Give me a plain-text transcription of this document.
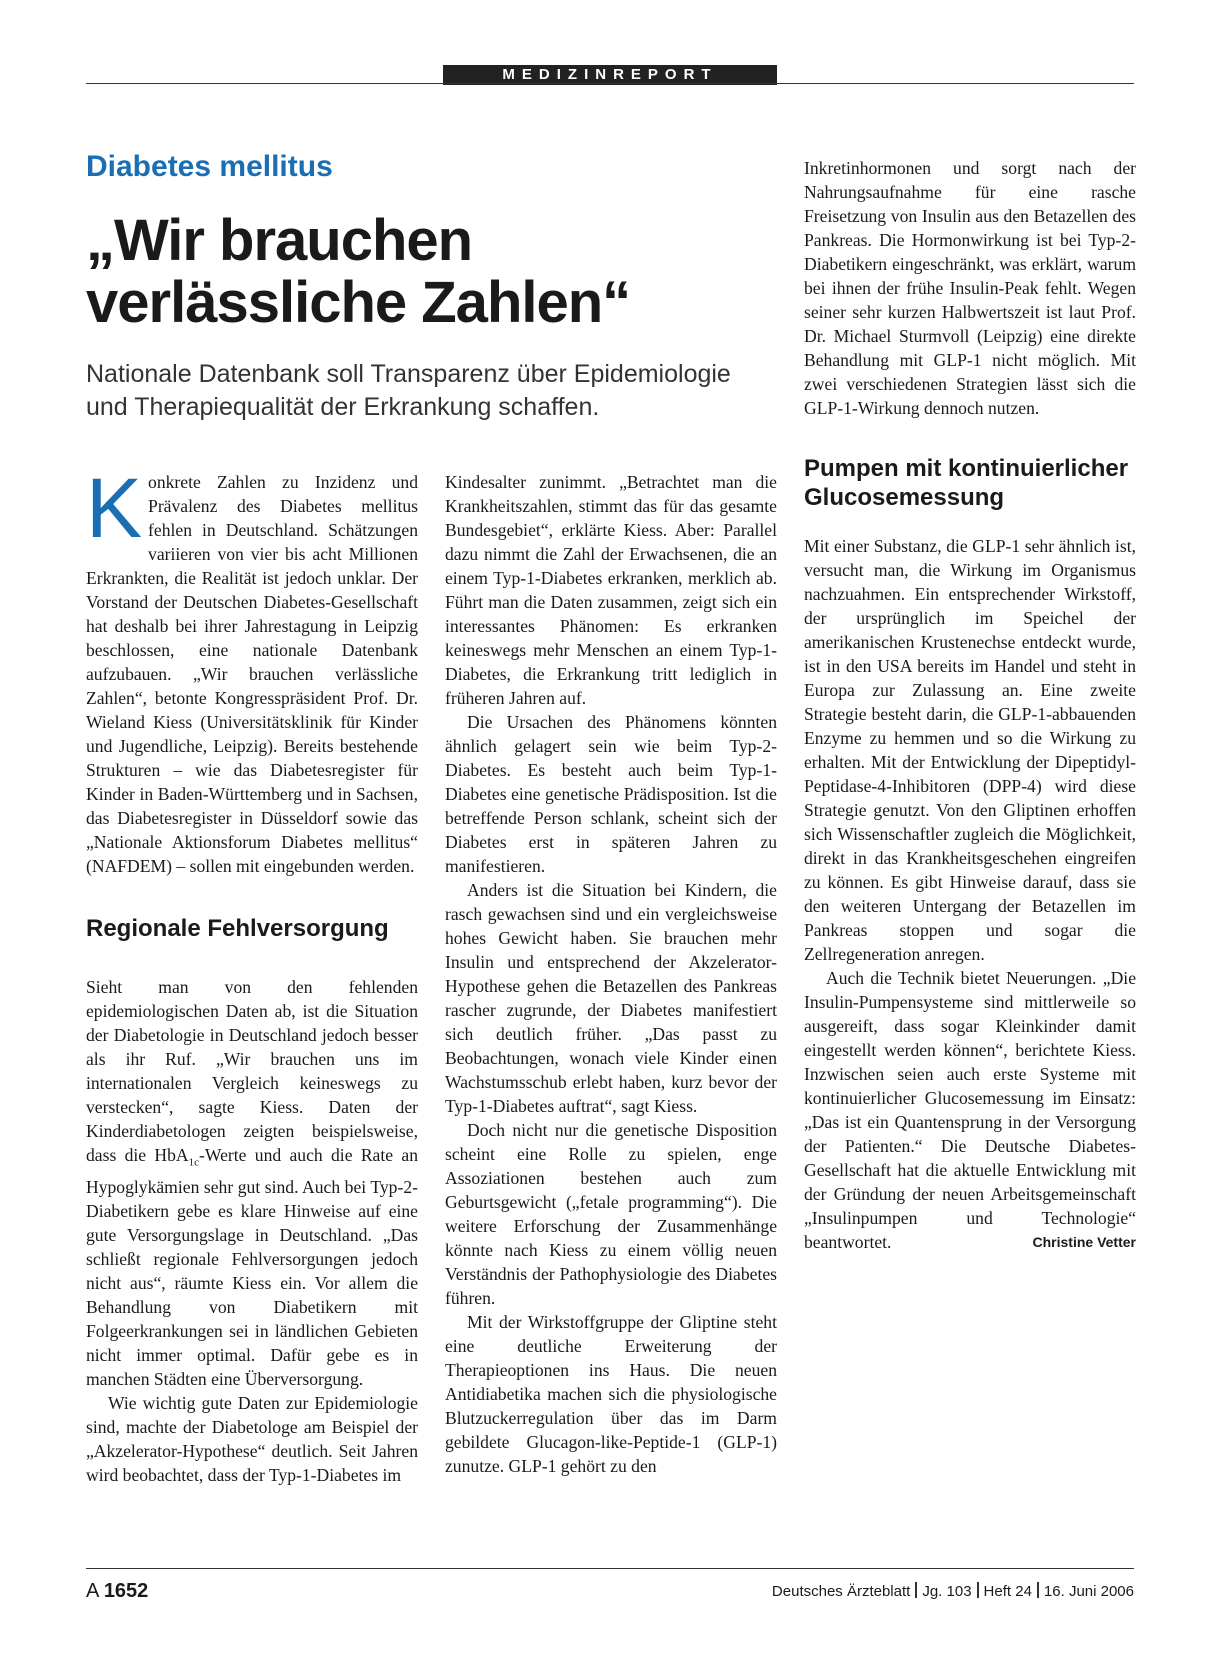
MEDIZINREPORT
Diabetes mellitus
„Wir brauchen verlässliche Zahlen“

Nationale Datenbank soll Transparenz über Epidemiologie und Therapiequalität der Erkrankung schaffen.

Konkrete Zahlen zu Inzidenz und Prävalenz des Diabetes mellitus fehlen in Deutschland. Schätzungen variieren von vier bis acht Millionen Erkrankten, die Realität ist jedoch unklar. Der Vorstand der Deutschen Diabetes-Gesellschaft hat deshalb bei ihrer Jahrestagung in Leipzig beschlossen, eine nationale Datenbank aufzubauen. „Wir brauchen verlässliche Zahlen“, betonte Kongresspräsident Prof. Dr. Wieland Kiess (Universitätsklinik für Kinder und Jugendliche, Leipzig). Bereits bestehende Strukturen – wie das Diabetesregister für Kinder in Baden-Württemberg und in Sachsen, das Diabetesregister in Düsseldorf sowie das „Nationale Aktionsforum Diabetes mellitus“ (NAFDEM) – sollen mit eingebunden werden.

Regionale Fehlversorgung

Sieht man von den fehlenden epidemiologischen Daten ab, ist die Situation der Diabetologie in Deutschland jedoch besser als ihr Ruf. „Wir brauchen uns im internationalen Vergleich keineswegs zu verstecken“, sagte Kiess. Daten der Kinderdiabetologen zeigten beispielsweise, dass die HbA$_{1c}$-Werte und auch die Rate an Hypoglykämien sehr gut sind. Auch bei Typ-2-Diabetikern gebe es klare Hinweise auf eine gute Versorgungslage in Deutschland. „Das schließt regionale Fehlversorgungen jedoch nicht aus“, räumte Kiess ein. Vor allem die Behandlung von Diabetikern mit Folgeerkrankungen sei in ländlichen Gebieten nicht immer optimal. Dafür gebe es in manchen Städten eine Überversorgung.

Wie wichtig gute Daten zur Epidemiologie sind, machte der Diabetologe am Beispiel der „Akzelerator-Hypothese“ deutlich. Seit Jahren wird beobachtet, dass der Typ-1-Diabetes im

Kindesalter zunimmt. „Betrachtet man die Krankheitszahlen, stimmt das für das gesamte Bundesgebiet“, erklärte Kiess. Aber: Parallel dazu nimmt die Zahl der Erwachsenen, die an einem Typ-1-Diabetes erkranken, merklich ab. Führt man die Daten zusammen, zeigt sich ein interessantes Phänomen: Es erkranken keineswegs mehr Menschen an einem Typ-1-Diabetes, die Erkrankung tritt lediglich in früheren Jahren auf.

Die Ursachen des Phänomens könnten ähnlich gelagert sein wie beim Typ-2-Diabetes. Es besteht auch beim Typ-1-Diabetes eine genetische Prädisposition. Ist die betreffende Person schlank, scheint sich der Diabetes erst in späteren Jahren zu manifestieren.

Anders ist die Situation bei Kindern, die rasch gewachsen sind und ein vergleichsweise hohes Gewicht haben. Sie brauchen mehr Insulin und entsprechend der Akzelerator-Hypothese gehen die Betazellen des Pankreas rascher zugrunde, der Diabetes manifestiert sich deutlich früher. „Das passt zu Beobachtungen, wonach viele Kinder einen Wachstumsschub erlebt haben, kurz bevor der Typ-1-Diabetes auftrat“, sagt Kiess.

Doch nicht nur die genetische Disposition scheint eine Rolle zu spielen, enge Assoziationen bestehen auch zum Geburtsgewicht („fetale programming“). Die weitere Erforschung der Zusammenhänge könnte nach Kiess zu einem völlig neuen Verständnis der Pathophysiologie des Diabetes führen.

Mit der Wirkstoffgruppe der Gliptine steht eine deutliche Erweiterung der Therapieoptionen ins Haus. Die neuen Antidiabetika machen sich die physiologische Blutzuckerregulation über das im Darm gebildete Glucagon-like-Peptide-1 (GLP-1) zunutze. GLP-1 gehört zu den

Inkretinhormonen und sorgt nach der Nahrungsaufnahme für eine rasche Freisetzung von Insulin aus den Betazellen des Pankreas. Die Hormonwirkung ist bei Typ-2-Diabetikern eingeschränkt, was erklärt, warum bei ihnen der frühe Insulin-Peak fehlt. Wegen seiner sehr kurzen Halbwertszeit ist laut Prof. Dr. Michael Sturmvoll (Leipzig) eine direkte Behandlung mit GLP-1 nicht möglich. Mit zwei verschiedenen Strategien lässt sich die GLP-1-Wirkung dennoch nutzen.

Pumpen mit kontinuierlicher Glucosemessung

Mit einer Substanz, die GLP-1 sehr ähnlich ist, versucht man, die Wirkung im Organismus nachzuahmen. Ein entsprechender Wirkstoff, der ursprünglich im Speichel der amerikanischen Krustenechse entdeckt wurde, ist in den USA bereits im Handel und steht in Europa zur Zulassung an. Eine zweite Strategie besteht darin, die GLP-1-abbauenden Enzyme zu hemmen und so die Wirkung zu erhalten. Mit der Entwicklung der Dipeptidyl-Peptidase-4-Inhibitoren (DPP-4) wird diese Strategie genutzt. Von den Gliptinen erhoffen sich Wissenschaftler zugleich die Möglichkeit, direkt in das Krankheitsgeschehen eingreifen zu können. Es gibt Hinweise darauf, dass sie den weiteren Untergang der Betazellen im Pankreas stoppen und sogar die Zellregeneration anregen.

Auch die Technik bietet Neuerungen. „Die Insulin-Pumpensysteme sind mittlerweile so ausgereift, dass sogar Kleinkinder damit eingestellt werden können“, berichtete Kiess. Inzwischen seien auch erste Systeme mit kontinuierlicher Glucosemessung im Einsatz: „Das ist ein Quantensprung in der Versorgung der Patienten.“ Die Deutsche Diabetes-Gesellschaft hat die aktuelle Entwicklung mit der Gründung der neuen Arbeitsgemeinschaft „Insulinpumpen und Technologie“ beantwortet.	Christine Vetter

A 1652	Deutsches Ärzteblatt Jg. 103 Heft 24 16. Juni 2006
